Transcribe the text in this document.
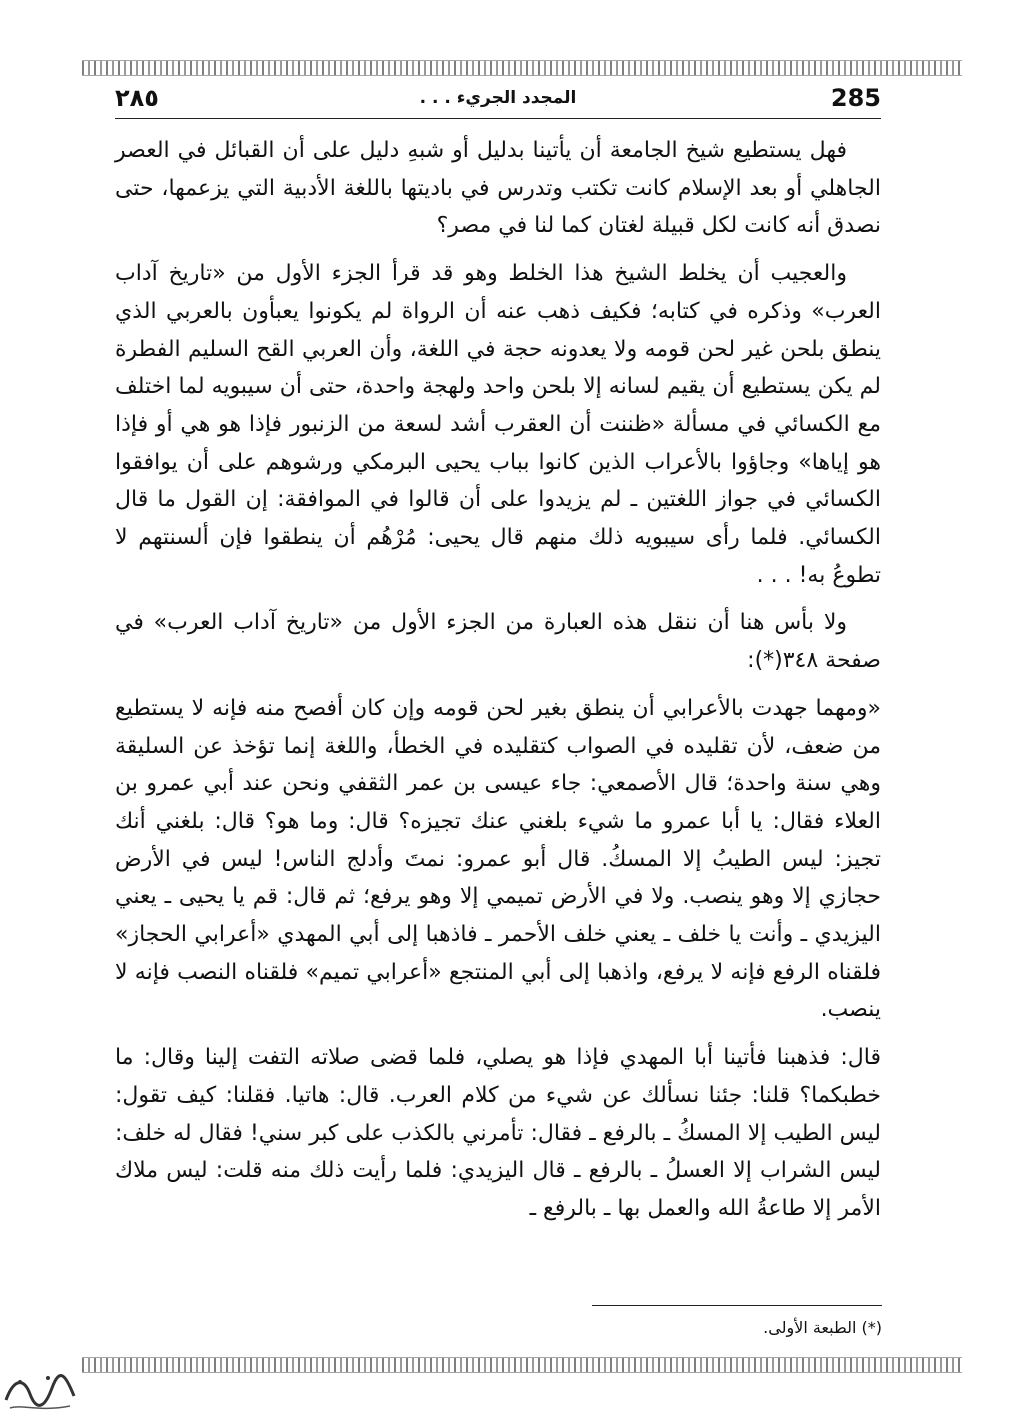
285
المجدد الجريء . . .
٢٨٥

فهل يستطيع شيخ الجامعة أن يأتينا بدليل أو شبهِ دليل على أن القبائل في العصر الجاهلي أو بعد الإسلام كانت تكتب وتدرس في باديتها باللغة الأدبية التي يزعمها، حتى نصدق أنه كانت لكل قبيلة لغتان كما لنا في مصر؟

والعجيب أن يخلط الشيخ هذا الخلط وهو قد قرأ الجزء الأول من «تاريخ آداب العرب» وذكره في كتابه؛ فكيف ذهب عنه أن الرواة لم يكونوا يعبأون بالعربي الذي ينطق بلحن غير لحن قومه ولا يعدونه حجة في اللغة، وأن العربي القح السليم الفطرة لم يكن يستطيع أن يقيم لسانه إلا بلحن واحد ولهجة واحدة، حتى أن سيبويه لما اختلف مع الكسائي في مسألة «ظننت أن العقرب أشد لسعة من الزنبور فإذا هو هي أو فإذا هو إياها» وجاؤوا بالأعراب الذين كانوا بباب يحيى البرمكي ورشوهم على أن يوافقوا الكسائي في جواز اللغتين ـ لم يزيدوا على أن قالوا في الموافقة: إن القول ما قال الكسائي. فلما رأى سيبويه ذلك منهم قال يحيى: مُرْهُم أن ينطقوا فإن ألسنتهم لا تطوعُ به! . . .

ولا بأس هنا أن ننقل هذه العبارة من الجزء الأول من «تاريخ آداب العرب» في صفحة ٣٤٨(*):

«ومهما جهدت بالأعرابي أن ينطق بغير لحن قومه وإن كان أفصح منه فإنه لا يستطيع من ضعف، لأن تقليده في الصواب كتقليده في الخطأ، واللغة إنما تؤخذ عن السليقة وهي سنة واحدة؛ قال الأصمعي: جاء عيسى بن عمر الثقفي ونحن عند أبي عمرو بن العلاء فقال: يا أبا عمرو ما شيء بلغني عنك تجيزه؟ قال: وما هو؟ قال: بلغني أنك تجيز: ليس الطيبُ إلا المسكُ. قال أبو عمرو: نمتَ وأدلج الناس! ليس في الأرض حجازي إلا وهو ينصب. ولا في الأرض تميمي إلا وهو يرفع؛ ثم قال: قم يا يحيى ـ يعني اليزيدي ـ وأنت يا خلف ـ يعني خلف الأحمر ـ فاذهبا إلى أبي المهدي «أعرابي الحجاز» فلقناه الرفع فإنه لا يرفع، واذهبا إلى أبي المنتجع «أعرابي تميم» فلقناه النصب فإنه لا ينصب.

قال: فذهبنا فأتينا أبا المهدي فإذا هو يصلي، فلما قضى صلاته التفت إلينا وقال: ما خطبكما؟ قلنا: جئنا نسألك عن شيء من كلام العرب. قال: هاتيا. فقلنا: كيف تقول: ليس الطيب إلا المسكُ ـ بالرفع ـ فقال: تأمرني بالكذب على كبر سني! فقال له خلف: ليس الشراب إلا العسلُ ـ بالرفع ـ قال اليزيدي: فلما رأيت ذلك منه قلت: ليس ملاك الأمر إلا طاعةُ الله والعمل بها ـ بالرفع ـ

(*) الطبعة الأولى.
